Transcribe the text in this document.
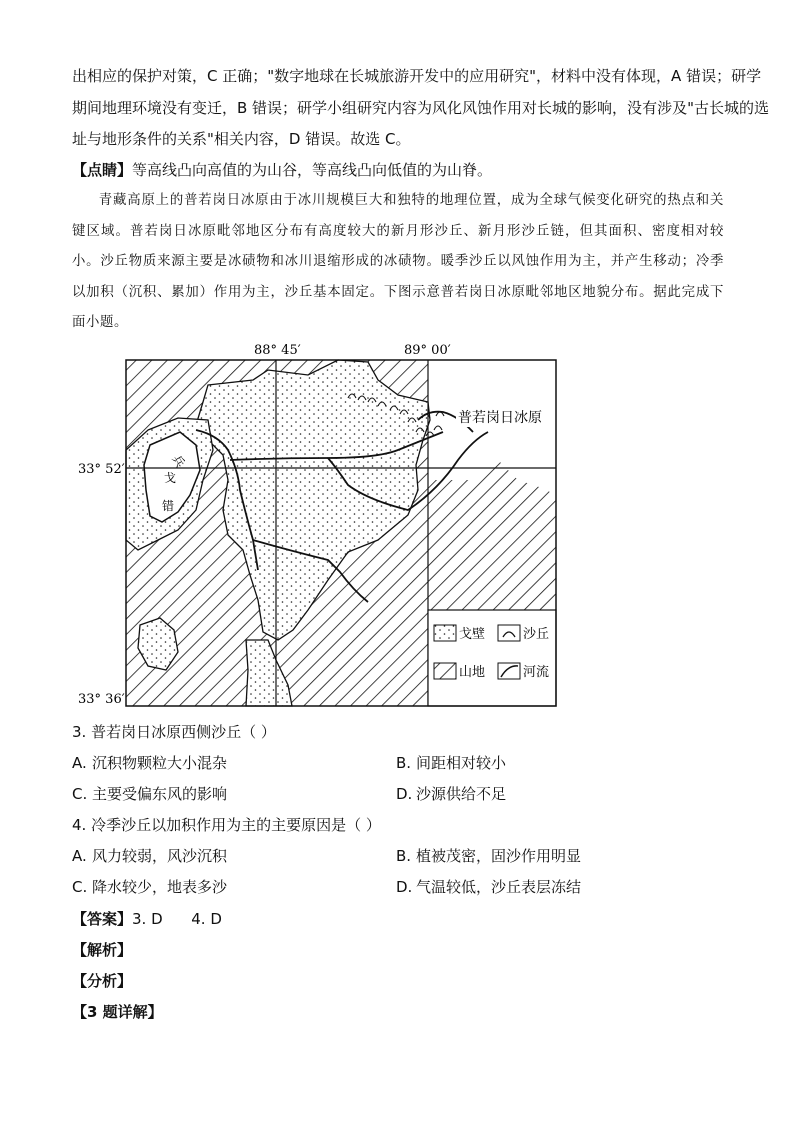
出相应的保护对策，C 正确；"数字地球在长城旅游开发中的应用研究"，材料中没有体现，A 错误；研学
期间地理环境没有变迁，B 错误；研学小组研究内容为风化风蚀作用对长城的影响，没有涉及"古长城的选
址与地形条件的关系"相关内容，D 错误。故选 C。
【点睛】等高线凸向高值的为山谷，等高线凸向低值的为山脊。

青藏高原上的普若岗日冰原由于冰川规模巨大和独特的地理位置，成为全球气候变化研究的热点和关键区域。普若岗日冰原毗邻地区分布有高度较大的新月形沙丘、新月形沙丘链，但其面积、密度相对较小。沙丘物质来源主要是冰碛物和冰川退缩形成的冰碛物。暖季沙丘以风蚀作用为主，并产生移动；冷季以加积（沉积、累加）作用为主，沙丘基本固定。下图示意普若岗日冰原毗邻地区地貌分布。据此完成下面小题。

戈壁	沙丘
山地	河流
普若岗日冰原
兵
戈
错
88° 45′	89° 00′
33° 52′
33° 36′
3. 普若岗日冰原西侧沙丘（ ）
A. 沉积物颗粒大小混杂	B. 间距相对较小
C. 主要受偏东风的影响	D. 沙源供给不足
4. 冷季沙丘以加积作用为主的主要原因是（ ）
A. 风力较弱，风沙沉积	B. 植被茂密，固沙作用明显
C. 降水较少，地表多沙	D. 气温较低，沙丘表层冻结
【答案】3. D      4. D
【解析】
【分析】
【3 题详解】
